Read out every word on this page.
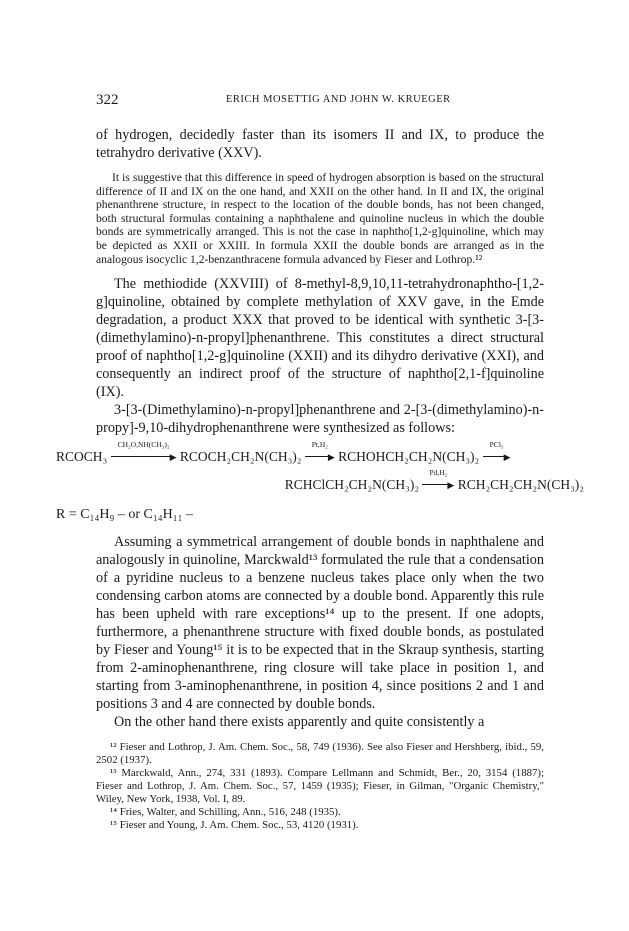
322	ERICH MOSETTIG AND JOHN W. KRUEGER

of hydrogen, decidedly faster than its isomers II and IX, to produce the tetrahydro derivative (XXV).

It is suggestive that this difference in speed of hydrogen absorption is based on the structural difference of II and IX on the one hand, and XXII on the other hand. In II and IX, the original phenanthrene structure, in respect to the location of the double bonds, has not been changed, both structural formulas containing a naphthalene and quinoline nucleus in which the double bonds are symmetrically arranged. This is not the case in naphtho[1,2-g]quinoline, which may be depicted as XXII or XXIII. In formula XXII the double bonds are arranged as in the analogous isocyclic 1,2-benzanthracene formula advanced by Fieser and Lothrop.¹²

The methiodide (XXVIII) of 8-methyl-8,9,10,11-tetrahydronaphtho-[1,2-g]quinoline, obtained by complete methylation of XXV gave, in the Emde degradation, a product XXX that proved to be identical with synthetic 3-[3-(dimethylamino)-n-propyl]phenanthrene. This constitutes a direct structural proof of naphtho[1,2-g]quinoline (XXII) and its dihydro derivative (XXI), and consequently an indirect proof of the structure of naphtho[2,1-f]quinoline (IX).

3-[3-(Dimethylamino)-n-propyl]phenanthrene and 2-[3-(dimethylamino)-n-propy]-9,10-dihydrophenanthrene were synthesized as follows:

RCOCH₃
CH₂O,NH(CH₃)₂
▶ RCOCH₂CH₂N(CH₃)₂
Pt,H₂
▶ RCHOHCH₂CH₂N(CH₃)₂
PCl₅
▶
RCHClCH₂CH₂N(CH₃)₂
Pd,H₂
▶ RCH₂CH₂CH₂N(CH₃)₂
R = C₁₄H₉ – or C₁₄H₁₁ –

Assuming a symmetrical arrangement of double bonds in naphthalene and analogously in quinoline, Marckwald¹³ formulated the rule that a condensation of a pyridine nucleus to a benzene nucleus takes place only when the two condensing carbon atoms are connected by a double bond. Apparently this rule has been upheld with rare exceptions¹⁴ up to the present. If one adopts, furthermore, a phenanthrene structure with fixed double bonds, as postulated by Fieser and Young¹⁵ it is to be expected that in the Skraup synthesis, starting from 2-aminophenanthrene, ring closure will take place in position 1, and starting from 3-aminophenanthrene, in position 4, since positions 2 and 1 and positions 3 and 4 are connected by double bonds.

On the other hand there exists apparently and quite consistently a

¹² Fieser and Lothrop, J. Am. Chem. Soc., 58, 749 (1936). See also Fieser and Hershberg, ibid., 59, 2502 (1937).

¹³ Marckwald, Ann., 274, 331 (1893). Compare Lellmann and Schmidt, Ber., 20, 3154 (1887); Fieser and Lothrop, J. Am. Chem. Soc., 57, 1459 (1935); Fieser, in Gilman, "Organic Chemistry," Wiley, New York, 1938, Vol. I, 89.

¹⁴ Fries, Walter, and Schilling, Ann., 516, 248 (1935).

¹⁵ Fieser and Young, J. Am. Chem. Soc., 53, 4120 (1931).
